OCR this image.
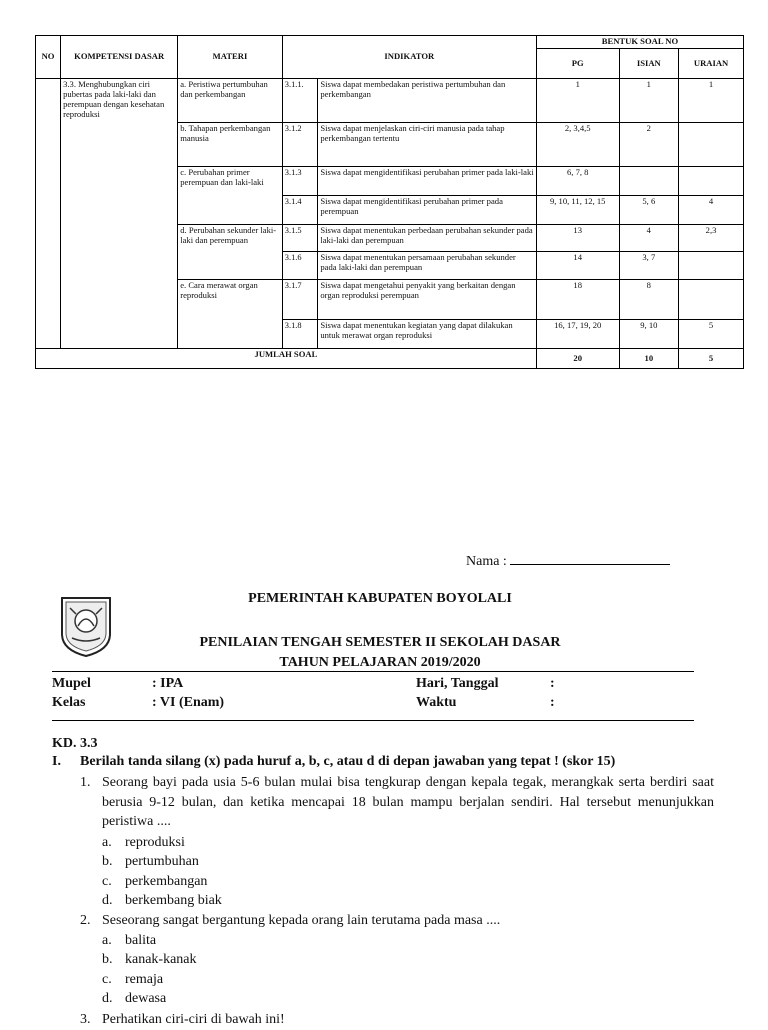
NO	KOMPETENSI DASAR	MATERI	INDIKATOR		BENTUK SOAL NO		
					PG	ISIAN	URAIAN
	3.3. Menghubungkan ciri pubertas pada laki-laki dan perempuan dengan kesehatan reproduksi	a. Peristiwa pertumbuhan dan perkembangan	3.1.1.	Siswa dapat membedakan peristiwa pertumbuhan dan perkembangan	1	1	1
		b. Tahapan perkembangan manusia	3.1.2	Siswa dapat menjelaskan ciri-ciri manusia pada tahap perkembangan tertentu	2, 3,4,5	2	
		c. Perubahan primer perempuan dan laki-laki	3.1.3	Siswa dapat mengidentifikasi perubahan primer pada laki-laki	6, 7, 8		
			3.1.4	Siswa dapat mengidentifikasi perubahan primer pada perempuan	9, 10, 11, 12, 15	5, 6	4
		d. Perubahan sekunder laki-laki dan perempuan	3.1.5	Siswa dapat menentukan perbedaan perubahan sekunder pada laki-laki dan perempuan	13	4	2,3
			3.1.6	Siswa dapat menentukan persamaan perubahan sekunder pada laki-laki dan perempuan	14	3, 7	
		e. Cara merawat organ reproduksi	3.1.7	Siswa dapat mengetahui penyakit yang berkaitan dengan organ reproduksi perempuan	18	8	
			3.1.8	Siswa dapat menentukan kegiatan yang dapat dilakukan untuk merawat organ reproduksi	16, 17, 19, 20	9, 10	5
JUMLAH SOAL					20	10	5
Nama :
PEMERINTAH KABUPATEN BOYOLALI
PENILAIAN TENGAH SEMESTER II SEKOLAH DASAR
TAHUN PELAJARAN 2019/2020
Mupel	: IPA	Hari, Tanggal	:
Kelas	: VI (Enam)	Waktu	:
KD. 3.3
I. Berilah tanda silang (x) pada huruf a, b, c, atau d di depan jawaban yang tepat ! (skor 15)
1. Seorang bayi pada usia 5-6 bulan mulai bisa tengkurap dengan kepala tegak, merangkak serta berdiri saat berusia 9-12 bulan, dan ketika mencapai 18 bulan mampu berjalan sendiri. Hal tersebut menunjukkan peristiwa ....
a. reproduksi
b. pertumbuhan
c. perkembangan
d. berkembang biak
2. Seseorang sangat bergantung kepada orang lain terutama pada masa ....
a. balita
b. kanak-kanak
c. remaja
d. dewasa
3. Perhatikan ciri-ciri di bawah ini!
